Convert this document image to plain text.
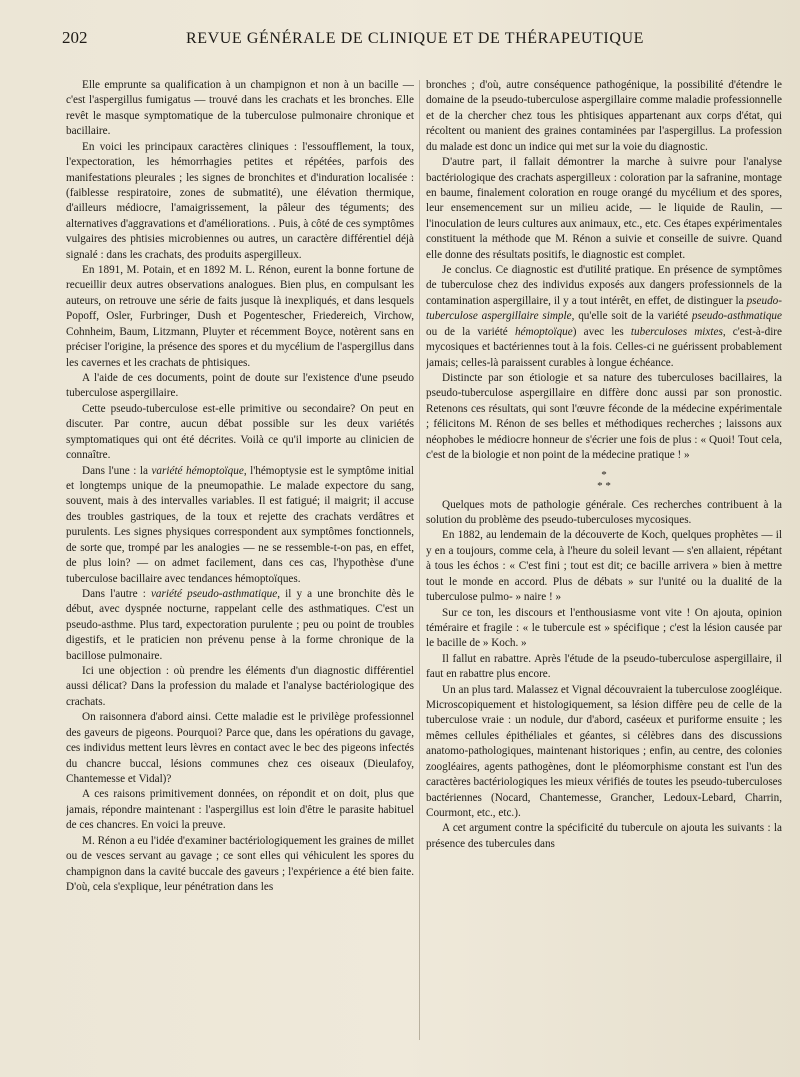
202	REVUE GÉNÉRALE DE CLINIQUE ET DE THÉRAPEUTIQUE

Elle emprunte sa qualification à un champignon et non à un bacille — c'est l'aspergillus fumigatus — trouvé dans les crachats et les bronches. Elle revêt le masque symptomatique de la tuberculose pulmonaire chronique et bacillaire.

En voici les principaux caractères cliniques : l'essoufflement, la toux, l'expectoration, les hémorrhagies petites et répétées, parfois des manifestations pleurales ; les signes de bronchites et d'induration localisée : (faiblesse respiratoire, zones de submatité), une élévation thermique, d'ailleurs médiocre, l'amaigrissement, la pâleur des téguments; des alternatives d'aggravations et d'améliorations. . Puis, à côté de ces symptômes vulgaires des phtisies microbiennes ou autres, un caractère différentiel déjà signalé : dans les crachats, des produits aspergilleux.

En 1891, M. Potain, et en 1892 M. L. Rénon, eurent la bonne fortune de recueillir deux autres observations analogues. Bien plus, en compulsant les auteurs, on retrouve une série de faits jusque là inexpliqués, et dans lesquels Popoff, Osler, Furbringer, Dush et Pogentescher, Friedereich, Virchow, Cohnheim, Baum, Litzmann, Pluyter et récemment Boyce, notèrent sans en préciser l'origine, la présence des spores et du mycélium de l'aspergillus dans les cavernes et les crachats de phtisiques.

A l'aide de ces documents, point de doute sur l'existence d'une pseudo tuberculose aspergillaire.

Cette pseudo-tuberculose est-elle primitive ou secondaire? On peut en discuter. Par contre, aucun débat possible sur les deux variétés symptomatiques qui ont été décrites. Voilà ce qu'il importe au clinicien de connaître.

Dans l'une : la variété hémoptoïque, l'hémoptysie est le symptôme initial et longtemps unique de la pneumopathie. Le malade expectore du sang, souvent, mais à des intervalles variables. Il est fatigué; il maigrit; il accuse des troubles gastriques, de la toux et rejette des crachats verdâtres et purulents. Les signes physiques correspondent aux symptômes fonctionnels, de sorte que, trompé par les analogies — ne se ressemble-t-on pas, en effet, de plus loin? — on admet facilement, dans ces cas, l'hypothèse d'une tuberculose bacillaire avec tendances hémoptoïques.

Dans l'autre : variété pseudo-asthmatique, il y a une bronchite dès le début, avec dyspnée nocturne, rappelant celle des asthmatiques. C'est un pseudo-asthme. Plus tard, expectoration purulente ; peu ou point de troubles digestifs, et le praticien non prévenu pense à la forme chronique de la bacillose pulmonaire.

Ici une objection : où prendre les éléments d'un diagnostic différentiel aussi délicat? Dans la profession du malade et l'analyse bactériologique des crachats.

On raisonnera d'abord ainsi. Cette maladie est le privilège professionnel des gaveurs de pigeons. Pourquoi? Parce que, dans les opérations du gavage, ces individus mettent leurs lèvres en contact avec le bec des pigeons infectés du chancre buccal, lésions communes chez ces oiseaux (Dieulafoy, Chantemesse et Vidal)?

A ces raisons primitivement données, on répondit et on doit, plus que jamais, répondre maintenant : l'aspergillus est loin d'être le parasite habituel de ces chancres. En voici la preuve.

M. Rénon a eu l'idée d'examiner bactériologiquement les graines de millet ou de vesces servant au gavage ; ce sont elles qui véhiculent les spores du champignon dans la cavité buccale des gaveurs ; l'expérience a été bien faite. D'où, cela s'explique, leur pénétration dans les

bronches ; d'où, autre conséquence pathogénique, la possibilité d'étendre le domaine de la pseudo-tuberculose aspergillaire comme maladie professionnelle et de la chercher chez tous les phtisiques appartenant aux corps d'état, qui récoltent ou manient des graines contaminées par l'aspergillus. La profession du malade est donc un indice qui met sur la voie du diagnostic.

D'autre part, il fallait démontrer la marche à suivre pour l'analyse bactériologique des crachats aspergilleux : coloration par la safranine, montage en baume, finalement coloration en rouge orangé du mycélium et des spores, leur ensemencement sur un milieu acide, — le liquide de Raulin, — l'inoculation de leurs cultures aux animaux, etc., etc. Ces étapes expérimentales constituent la méthode que M. Rénon a suivie et conseille de suivre. Quand elle donne des résultats positifs, le diagnostic est complet.

Je conclus. Ce diagnostic est d'utilité pratique. En présence de symptômes de tuberculose chez des individus exposés aux dangers professionnels de la contamination aspergillaire, il y a tout intérêt, en effet, de distinguer la pseudo-tuberculose aspergillaire simple, qu'elle soit de la variété pseudo-asthmatique ou de la variété hémoptoïque) avec les tuberculoses mixtes, c'est-à-dire mycosiques et bactériennes tout à la fois. Celles-ci ne guérissent probablement jamais; celles-là paraissent curables à longue échéance.

Distincte par son étiologie et sa nature des tuberculoses bacillaires, la pseudo-tuberculose aspergillaire en diffère donc aussi par son pronostic. Retenons ces résultats, qui sont l'œuvre féconde de la médecine expérimentale ; félicitons M. Rénon de ses belles et méthodiques recherches ; laissons aux néophobes le médiocre honneur de s'écrier une fois de plus : « Quoi! Tout cela, c'est de la biologie et non point de la médecine pratique ! »

*
* *

Quelques mots de pathologie générale. Ces recherches contribuent à la solution du problème des pseudo-tuberculoses mycosiques.

En 1882, au lendemain de la découverte de Koch, quelques prophètes — il y en a toujours, comme cela, à l'heure du soleil levant — s'en allaient, répétant à tous les échos : « C'est fini ; tout est dit; ce bacille arrivera » bien à mettre tout le monde en accord. Plus de débats » sur l'unité ou la dualité de la tuberculose pulmo- » naire ! »

Sur ce ton, les discours et l'enthousiasme vont vite ! On ajouta, opinion téméraire et fragile : « le tubercule est » spécifique ; c'est la lésion causée par le bacille de » Koch. »

Il fallut en rabattre. Après l'étude de la pseudo-tuberculose aspergillaire, il faut en rabattre plus encore.

Un an plus tard. Malassez et Vignal découvraient la tuberculose zoogléique. Microscopiquement et histologiquement, sa lésion diffère peu de celle de la tuberculose vraie : un nodule, dur d'abord, caséeux et puriforme ensuite ; les mêmes cellules épithéliales et géantes, si célèbres dans des discussions anatomo-pathologiques, maintenant historiques ; enfin, au centre, des colonies zoogléaires, agents pathogènes, dont le pléomorphisme constant est l'un des caractères bactériologiques les mieux vérifiés de toutes les pseudo-tuberculoses bactériennes (Nocard, Chantemesse, Grancher, Ledoux-Lebard, Charrin, Courmont, etc., etc.).

A cet argument contre la spécificité du tubercule on ajouta les suivants : la présence des tubercules dans
